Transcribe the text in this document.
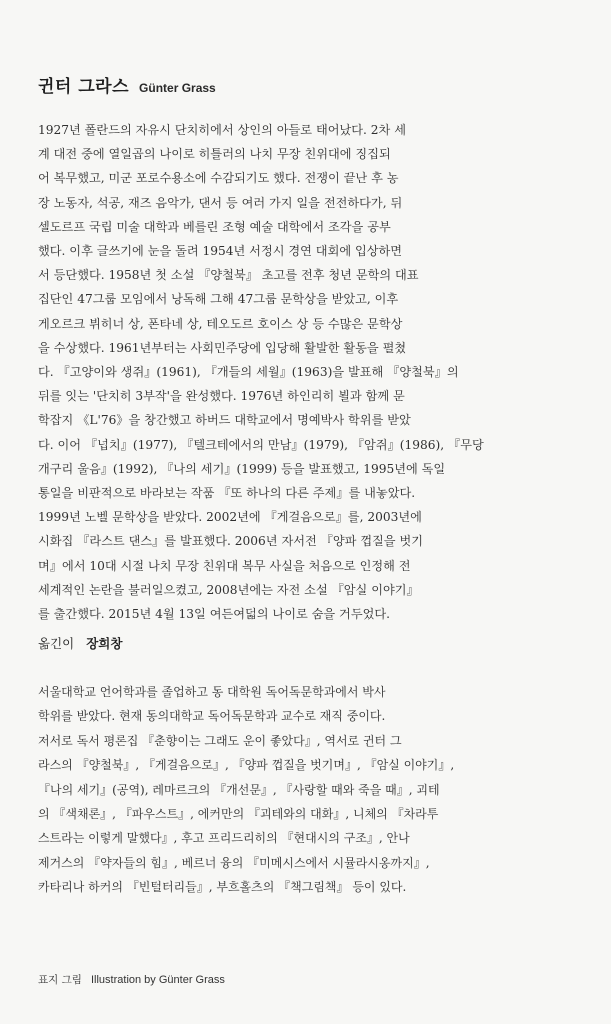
귄터 그라스 Günter Grass

1927년 폴란드의 자유시 단치히에서 상인의 아들로 태어났다. 2차 세

계 대전 중에 열일곱의 나이로 히틀러의 나치 무장 친위대에 징집되

어 복무했고, 미군 포로수용소에 수감되기도 했다. 전쟁이 끝난 후 농

장 노동자, 석공, 재즈 음악가, 댄서 등 여러 가지 일을 전전하다가, 뒤

셀도르프 국립 미술 대학과 베를린 조형 예술 대학에서 조각을 공부

했다. 이후 글쓰기에 눈을 돌려 1954년 서정시 경연 대회에 입상하면

서 등단했다. 1958년 첫 소설 『양철북』 초고를 전후 청년 문학의 대표

집단인 47그룹 모임에서 낭독해 그해 47그룹 문학상을 받았고, 이후

게오르크 뷔히너 상, 폰타네 상, 테오도르 호이스 상 등 수많은 문학상

을 수상했다. 1961년부터는 사회민주당에 입당해 활발한 활동을 펼쳤

다. 『고양이와 생쥐』(1961), 『개들의 세월』(1963)을 발표해 『양철북』의

뒤를 잇는 '단치히 3부작'을 완성했다. 1976년 하인리히 뵐과 함께 문

학잡지 《L'76》을 창간했고 하버드 대학교에서 명예박사 학위를 받았

다. 이어 『넙치』(1977), 『텔크테에서의 만남』(1979), 『암쥐』(1986), 『무당

개구리 울음』(1992), 『나의 세기』(1999) 등을 발표했고, 1995년에 독일

통일을 비판적으로 바라보는 작품 『또 하나의 다른 주제』를 내놓았다.

1999년 노벨 문학상을 받았다. 2002년에 『게걸음으로』를, 2003년에

시화집 『라스트 댄스』를 발표했다. 2006년 자서전 『양파 껍질을 벗기

며』에서 10대 시절 나치 무장 친위대 복무 사실을 처음으로 인정해 전

세계적인 논란을 불러일으켰고, 2008년에는 자전 소설 『암실 이야기』

를 출간했다. 2015년 4월 13일 여든여덟의 나이로 숨을 거두었다.

옮긴이 장희창

서울대학교 언어학과를 졸업하고 동 대학원 독어독문학과에서 박사

학위를 받았다. 현재 동의대학교 독어독문학과 교수로 재직 중이다.

저서로 독서 평론집 『춘향이는 그래도 운이 좋았다』, 역서로 귄터 그

라스의 『양철북』, 『게걸음으로』, 『양파 껍질을 벗기며』, 『암실 이야기』,

『나의 세기』(공역), 레마르크의 『개선문』, 『사랑할 때와 죽을 때』, 괴테

의 『색채론』, 『파우스트』, 에커만의 『괴테와의 대화』, 니체의 『차라투

스트라는 이렇게 말했다』, 후고 프리드리히의 『현대시의 구조』, 안나

제거스의 『약자들의 힘』, 베르너 융의 『미메시스에서 시뮬라시옹까지』,

카타리나 하커의 『빈털터리들』, 부흐홀츠의 『책그림책』 등이 있다.

표지 그림 Illustration by Günter Grass
